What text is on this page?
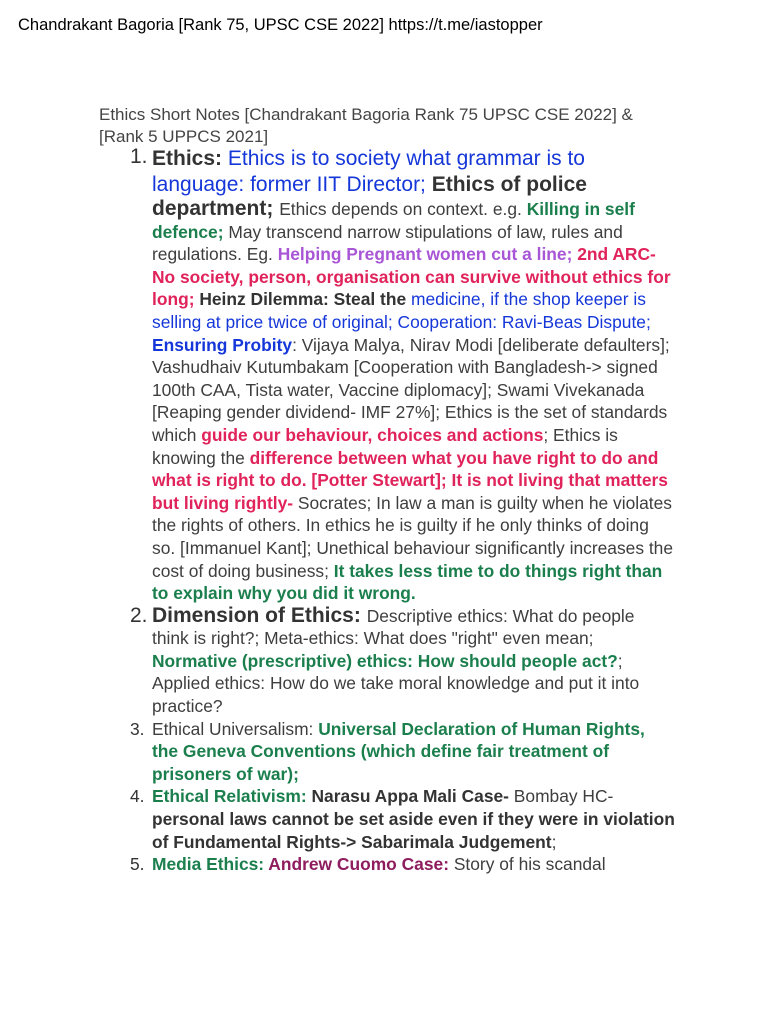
Chandrakant Bagoria [Rank 75, UPSC CSE 2022] https://t.me/iastopper
Ethics Short Notes [Chandrakant Bagoria Rank 75 UPSC CSE 2022] & [Rank 5 UPPCS 2021]
1. Ethics: Ethics is to society what grammar is to language: former IIT Director; Ethics of police department; Ethics depends on context. e.g. Killing in self defence; May transcend narrow stipulations of law, rules and regulations. Eg. Helping Pregnant women cut a line; 2nd ARC- No society, person, organisation can survive without ethics for long; Heinz Dilemma: Steal the medicine, if the shop keeper is selling at price twice of original; Cooperation: Ravi-Beas Dispute; Ensuring Probity: Vijaya Malya, Nirav Modi [deliberate defaulters]; Vashudhaiv Kutumbakam [Cooperation with Bangladesh-> signed 100th CAA, Tista water, Vaccine diplomacy]; Swami Vivekanada [Reaping gender dividend- IMF 27%]; Ethics is the set of standards which guide our behaviour, choices and actions; Ethics is knowing the difference between what you have right to do and what is right to do. [Potter Stewart]; It is not living that matters but living rightly- Socrates; In law a man is guilty when he violates the rights of others. In ethics he is guilty if he only thinks of doing so. [Immanuel Kant]; Unethical behaviour significantly increases the cost of doing business; It takes less time to do things right than to explain why you did it wrong.
2. Dimension of Ethics: Descriptive ethics: What do people think is right?; Meta-ethics: What does "right" even mean; Normative (prescriptive) ethics: How should people act?; Applied ethics: How do we take moral knowledge and put it into practice?
3. Ethical Universalism: Universal Declaration of Human Rights, the Geneva Conventions (which define fair treatment of prisoners of war);
4. Ethical Relativism: Narasu Appa Mali Case- Bombay HC- personal laws cannot be set aside even if they were in violation of Fundamental Rights-> Sabarimala Judgement;
5. Media Ethics: Andrew Cuomo Case: Story of his scandal
